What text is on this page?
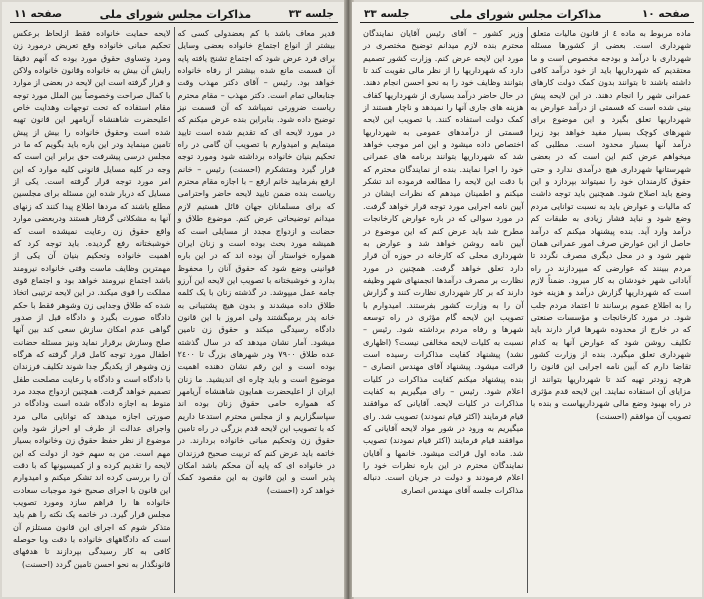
جلسه ٣٣
مذاکرات مجلس شورای ملی
صفحه ١١

قدیر معاف باشد با کم بعضدولی کسی که بیشتر از انواع اجتماع خانواده بعضی وسایل برای فرد عرض شود که اجتماع تشنج یافته پایه آن قسمت مانع شده بیشتر از رفاه خانواده خواهد بود. رئیس – آقای دکتر مهذب وقت جنابعالی تمام است. دکتر مهذب – مقام محترم ریاست ضرورتی نمیباشد که آن قسمت نیز توضیح داده شود. بنابراین بنده عرض میکنم که در مورد لایحه ای که تقدیم شده است تایید مینمایم و امیدوارم با تصویب آن گامی در راه تحکیم بنیان خانواده برداشته شود ومورد توجه قرار گیرد ومتشکرم (احسنت) رئیس – خانم ارفع بفرمایید خانم ارفع – با اجازه مقام محترم ریاست بنده ضمن تایید لایحه حاضر واحترامی که برای مسلمانان جهان قائل هستیم لازم میدانم توضیحاتی عرض کنم. موضوع طلاق و حضانت و ازدواج مجدد از مسایلی است که همیشه مورد بحث بوده است و زنان ایران همواره خواستار آن بوده اند که در این باره قوانینی وضع شود که حقوق آنان را محفوظ بدارد و خوشبختانه با تصویب این لایحه این آرزو جامه عمل میپوشد. در گذشته زنان با یک کلمه طلاق داده میشدند و بدون هیچ پشتیبانی به خانه پدر برمیگشتند ولی امروز با این قانون دادگاه رسیدگی میکند و حقوق زن تامین میشود. آمار نشان میدهد که در سال گذشته عده طلاق ٧٩٠٠ ودر شهرهای بزرگ تا ٢٤٠٠ بوده است و این رقم نشان دهنده اهمیت موضوع است و باید چاره ای اندیشید. ما زنان ایران از اعلیحضرت همایون شاهنشاه آریامهر که همواره حامی حقوق زنان بوده اند سپاسگزاریم و از مجلس محترم استدعا داریم که با تصویب این لایحه قدم بزرگی در راه تامین حقوق زن وتحکیم مبانی خانواده بردارند. در خاتمه باید عرض کنم که تربیت صحیح فرزندان در خانواده ای که پایه آن محکم باشد امکان پذیر است و این قانون به این مقصود کمک خواهد کرد (احسنت)

لایحه حمایت خانواده فقط ازلحاظ برعکس تحکیم مبانی خانواده وقع تعریض درمورد زن ومرد وتساوی حقوق مورد بوده که آنهم دقیقا رایش آن بیش به خانواده وقانون خانواده ولاکن و قرار گرفته است این لایحه در بعضی از موارد با کمال صراحت وخصوصاً بین الملل مورد توجه مقام استفاده که تحت توجهات وهدایت خاص اعلیحضرت شاهنشاه آریامهر این قانون تهیه شده است وحقوق خانواده را بیش از پیش تامین مینماید ودر این باره باید بگویم که ما در مجلس درسی پیشرفت حق برابر این است که وجه در کلیه مسایل قانونی کلیه موارد که این امر مورد توجه قرار گرفته است. یکی از مسایل که دربار شده این مسئله برای مجلسین مطلع باشند که مردها اطلاع پیدا کنند که زنهای آنها به مشکلاتی گرفتار هستند ودربعضی موارد واقع حقوق زن رعایت نمیشده است که خوشبختانه رفع گردیده. باید توجه کرد که اهمیت خانواده وتحکیم بنیان آن یکی از مهمترین وظایف ماست وقتی خانواده نیرومند باشد اجتماع نیرومند خواهد بود و اجتماع قوی مملکت را قوی میکند. در این لایحه ترتیبی اتخاذ شده که طلاق وجدایی زن وشوهر فقط با حکم دادگاه صورت بگیرد و دادگاه قبل از صدور گواهی عدم امکان سازش سعی کند بین آنها صلح وسازش برقرار نماید ونیز مسئله حضانت اطفال مورد توجه کامل قرار گرفته که هرگاه زن وشوهر از یکدیگر جدا شوند تکلیف فرزندان با دادگاه است و دادگاه با رعایت مصلحت طفل تصمیم خواهد گرفت. همچنین ازدواج مجدد مرد منوط به اجازه دادگاه شده است ودادگاه در صورتی اجازه میدهد که توانایی مالی مرد واجرای عدالت از طرف او احراز شود واین موضوع از نظر حفظ حقوق زن وخانواده بسیار مهم است. من به سهم خود از دولت که این لایحه را تقدیم کرده و از کمیسیونها که با دقت آن را بررسی کرده اند تشکر میکنم و امیدوارم این قانون با اجرای صحیح خود موجبات سعادت خانواده ها را فراهم سازد ومورد تصویب مجلس قرار گیرد. در خاتمه یک نکته را هم باید متذکر شوم که اجرای این قانون مستلزم آن است که دادگاههای خانواده با دقت وبا حوصله کافی به کار رسیدگی بپردازند تا هدفهای قانونگذار به نحو احسن تامین گردد (احسنت)

صفحه ١٠
مذاکرات مجلس شورای ملی
جلسه ٣٣

ماده مربوط به ماده ٤ از قانون مالیات متعلق شهرداری است. بعضی از کشورها مسئله شهرداری با درآمد و بودجه مخصوص است و ما معتقدیم که شهرداریها باید از خود درآمد کافی داشته باشند تا بتوانند بدون کمک دولت کارهای عمرانی شهر را انجام دهند. در این لایحه پیش بینی شده است که قسمتی از درآمد عوارض به شهرداریها تعلق بگیرد و این موضوع برای شهرهای کوچک بسیار مفید خواهد بود زیرا درآمد آنها بسیار محدود است. مطلبی که میخواهم عرض کنم این است که در بعضی شهرستانها شهرداری هیچ درآمدی ندارد و حتی حقوق کارمندان خود را نمیتواند بپردازد و این وضع باید اصلاح شود. همچنین باید توجه داشت که مالیات و عوارض باید به نسبت توانایی مردم وضع شود و نباید فشار زیادی به طبقات کم درآمد وارد آید. بنده پیشنهاد میکنم که درآمد حاصل از این عوارض صرف امور عمرانی همان شهر شود و در محل دیگری مصرف نگردد تا مردم ببینند که عوارضی که میپردازند در راه آبادانی شهر خودشان به کار میرود. ضمناً لازم است که شهرداریها گزارش درآمد و هزینه خود را به اطلاع عموم برسانند تا اعتماد مردم جلب شود. در مورد کارخانجات و مؤسسات صنعتی که در خارج از محدوده شهرها قرار دارند باید تکلیف روشن شود که عوارض آنها به کدام شهرداری تعلق میگیرد. بنده از وزارت کشور تقاضا دارم که آیین نامه اجرایی این قانون را هرچه زودتر تهیه کند تا شهرداریها بتوانند از مزایای آن استفاده نمایند. این لایحه قدم مؤثری در راه بهبود وضع مالی شهرداریهاست و بنده با تصویب آن موافقم (احسنت)

وزیر کشور – آقای رئیس آقایان نمایندگان محترم بنده لازم میدانم توضیح مختصری در مورد این لایحه عرض کنم. وزارت کشور تصمیم دارد که شهرداریها را از نظر مالی تقویت کند تا بتوانند وظایف خود را به نحو احسن انجام دهند. در حال حاضر درآمد بسیاری از شهرداریها کفاف هزینه های جاری آنها را نمیدهد و ناچار هستند از کمک دولت استفاده کنند. با تصویب این لایحه قسمتی از درآمدهای عمومی به شهرداریها اختصاص داده میشود و این امر موجب خواهد شد که شهرداریها بتوانند برنامه های عمرانی خود را اجرا نمایند. بنده از نمایندگان محترم که با دقت این لایحه را مطالعه فرموده اند تشکر میکنم و اطمینان میدهم که نظرات ایشان در آیین نامه اجرایی مورد توجه قرار خواهد گرفت. در مورد سوالی که در باره عوارض کارخانجات مطرح شد باید عرض کنم که این موضوع در آیین نامه روشن خواهد شد و عوارض به شهرداری محلی که کارخانه در حوزه آن قرار دارد تعلق خواهد گرفت. همچنین در مورد نظارت بر مصرف درآمدها انجمنهای شهر وظیفه دارند که بر کار شهرداری نظارت کنند و گزارش آن را به وزارت کشور بفرستند. امیدوارم با تصویب این لایحه گام مؤثری در راه توسعه شهرها و رفاه مردم برداشته شود. رئیس – نسبت به کلیات لایحه مخالفی نیست؟ (اظهاری نشد) پیشنهاد کفایت مذاکرات رسیده است قرائت میشود. پیشنهاد آقای مهندس انصاری – بنده پیشنهاد میکنم کفایت مذاکرات در کلیات اعلام شود. رئیس – رای میگیریم به کفایت مذاکرات در کلیات لایحه. آقایانی که موافقند قیام فرمایند (اکثر قیام نمودند) تصویب شد. رای میگیریم به ورود در شور مواد لایحه آقایانی که موافقند قیام فرمایند (اکثر قیام نمودند) تصویب شد. ماده اول قرائت میشود. خانمها و آقایان نمایندگان محترم در این باره نظرات خود را اعلام فرمودند و دولت در جریان است. دنباله مذاکرات جلسه آقای مهندس انصاری
